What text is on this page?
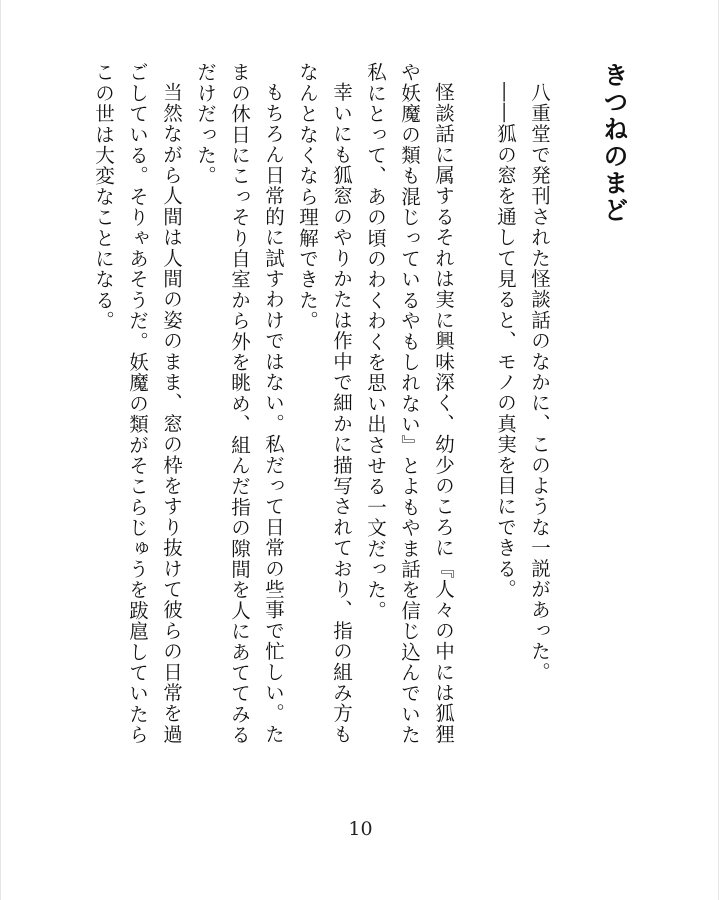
きつねのまど

八重堂で発刊された怪談話のなかに、このような一説があった。
――狐の窓を通して見ると、モノの真実を目にできる。

怪談話に属するそれは実に興味深く、幼少のころに『人々の中には狐狸や妖魔の類も混じっているやもしれない』とよもやま話を信じ込んでいた私にとって、あの頃のわくわくを思い出させる一文だった。

幸いにも狐窓のやりかたは作中で細かに描写されており、指の組み方もなんとなくなら理解できた。

もちろん日常的に試すわけではない。私だって日常の些事で忙しい。たまの休日にこっそり自室から外を眺め、組んだ指の隙間を人にあててみるだけだった。

当然ながら人間は人間の姿のまま、窓の枠をすり抜けて彼らの日常を過ごしている。そりゃあそうだ。妖魔の類がそこらじゅうを跋扈していたらこの世は大変なことになる。

10
